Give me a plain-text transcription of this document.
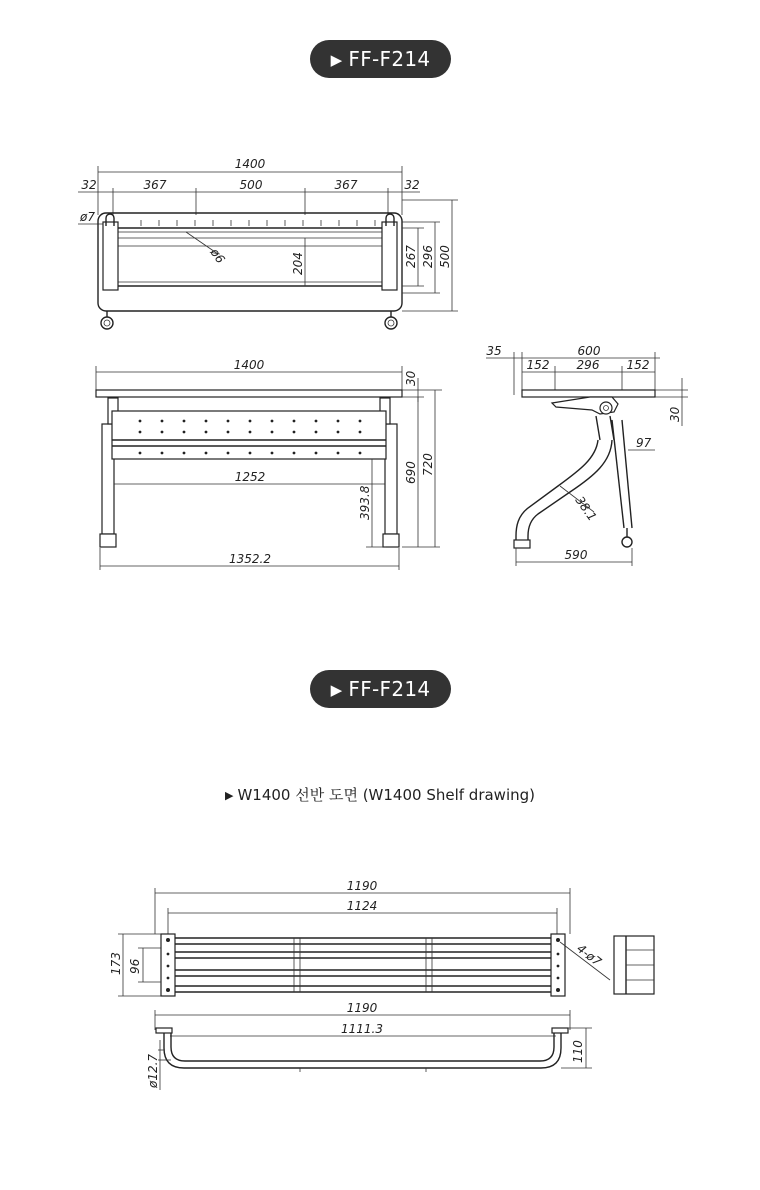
▶ FF-F214
▶ FF-F214
▶ W1400 선반 도면 (W1400 Shelf drawing)
1400
32	367	500	367	32
ø7
ø6	204	267 296 500
1400
30
1252
1352.2
393.8
690 720
35	600
152 296 152
30
97
38.1
590
1190
1124
173 96	4-ø7
1190
1111.3
110
ø12.7
